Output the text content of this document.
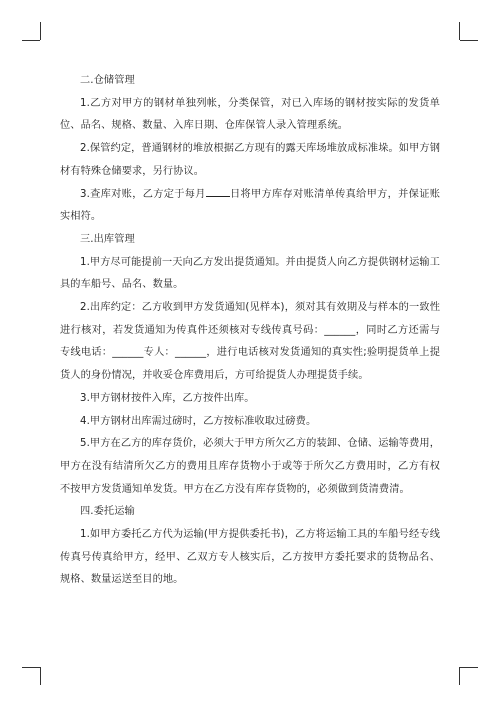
二.仓储管理

1.乙方对甲方的钢材单独列帐，分类保管，对已入库场的钢材按实际的发货单位、品名、规格、数量、入库日期、仓库保管人录入管理系统。

2.保管约定，普通钢材的堆放根据乙方现有的露天库场堆放成标准垛。如甲方钢材有特殊仓储要求，另行协议。

3.查库对账，乙方定于每月 日将甲方库存对账清单传真给甲方，并保证账实相符。

三.出库管理

1.甲方尽可能提前一天向乙方发出提货通知。并由提货人向乙方提供钢材运输工具的车船号、品名、数量。

2.出库约定：乙方收到甲方发货通知(见样本)，须对其有效期及与样本的一致性进行核对，若发货通知为传真件还须核对专线传真号码：______，同时乙方还需与专线电话：______专人：______，进行电话核对发货通知的真实性;验明提货单上提货人的身份情况，并收妥仓库费用后，方可给提货人办理提货手续。

3.甲方钢材按件入库，乙方按件出库。

4.甲方钢材出库需过磅时，乙方按标准收取过磅费。

5.甲方在乙方的库存货价，必须大于甲方所欠乙方的装卸、仓储、运输等费用，甲方在没有结清所欠乙方的费用且库存货物小于或等于所欠乙方费用时，乙方有权不按甲方发货通知单发货。甲方在乙方没有库存货物的，必须做到货清费清。

四.委托运输

1.如甲方委托乙方代为运输(甲方提供委托书)，乙方将运输工具的车船号经专线传真号传真给甲方，经甲、乙双方专人核实后，乙方按甲方委托要求的货物品名、规格、数量运送至目的地。
